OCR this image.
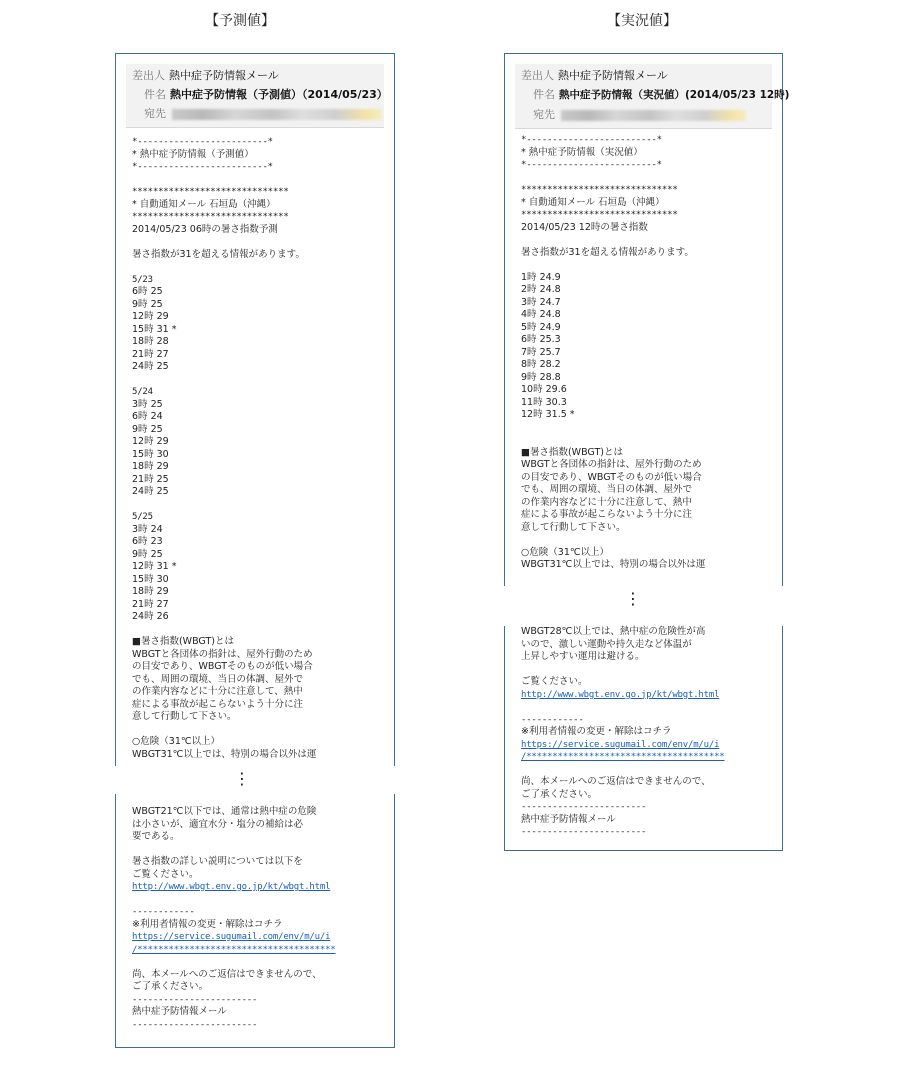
【予測値】	【実況値】
差出人 熱中症予防情報メール
件名 熱中症予防情報（予測値）（2014/05/23）
宛先
*-------------------------*
* 熱中症予防情報（予測値）
*-------------------------*
******************************
* 自動通知メール 石垣島（沖縄）
******************************
2014/05/23 06時の暑さ指数予測
暑さ指数が31を超える情報があります。
5/23
6時 25
9時 25
12時 29
15時 31 *
18時 28
21時 27
24時 25
5/24
3時 25
6時 24
9時 25
12時 29
15時 30
18時 29
21時 25
24時 25
5/25
3時 24
6時 23
9時 25
12時 31 *
15時 30
18時 29
21時 27
24時 26
■暑さ指数(WBGT)とは
WBGTと各団体の指針は、屋外行動のため
の目安であり、WBGTそのものが低い場合
でも、周囲の環境、当日の体調、屋外で
の作業内容などに十分に注意して、熱中
症による事故が起こらないよう十分に注
意して行動して下さい。
○危険（31℃以上）
WBGT31℃以上では、特別の場合以外は運
⋮
WBGT21℃以下では、通常は熱中症の危険
は小さいが、適宜水分・塩分の補給は必
要である。
暑さ指数の詳しい説明については以下を
ご覧ください。
http://www.wbgt.env.go.jp/kt/wbgt.html
------------
※利用者情報の変更・解除はコチラ
https://service.sugumail.com/env/m/u/i
/**************************************
尚、本メールへのご返信はできませんので、
ご了承ください。
------------------------
熱中症予防情報メール
------------------------
差出人 熱中症予防情報メール
件名 熱中症予防情報（実況値）(2014/05/23 12時)
宛先
*-------------------------*
* 熱中症予防情報（実況値）
*-------------------------*
******************************
* 自動通知メール 石垣島（沖縄）
******************************
2014/05/23 12時の暑さ指数
暑さ指数が31を超える情報があります。
1時 24.9
2時 24.8
3時 24.7
4時 24.8
5時 24.9
6時 25.3
7時 25.7
8時 28.2
9時 28.8
10時 29.6
11時 30.3
12時 31.5 *
■暑さ指数(WBGT)とは
WBGTと各団体の指針は、屋外行動のため
の目安であり、WBGTそのものが低い場合
でも、周囲の環境、当日の体調、屋外で
の作業内容などに十分に注意して、熱中
症による事故が起こらないよう十分に注
意して行動して下さい。
○危険（31℃以上）
WBGT31℃以上では、特別の場合以外は運
⋮
WBGT28℃以上では、熱中症の危険性が高
いので、激しい運動や持久走など体温が
上昇しやすい運用は避ける。
ご覧ください。
http://www.wbgt.env.go.jp/kt/wbgt.html
------------
※利用者情報の変更・解除はコチラ
https://service.sugumail.com/env/m/u/i
/**************************************
尚、本メールへのご返信はできませんので、
ご了承ください。
------------------------
熱中症予防情報メール
------------------------
